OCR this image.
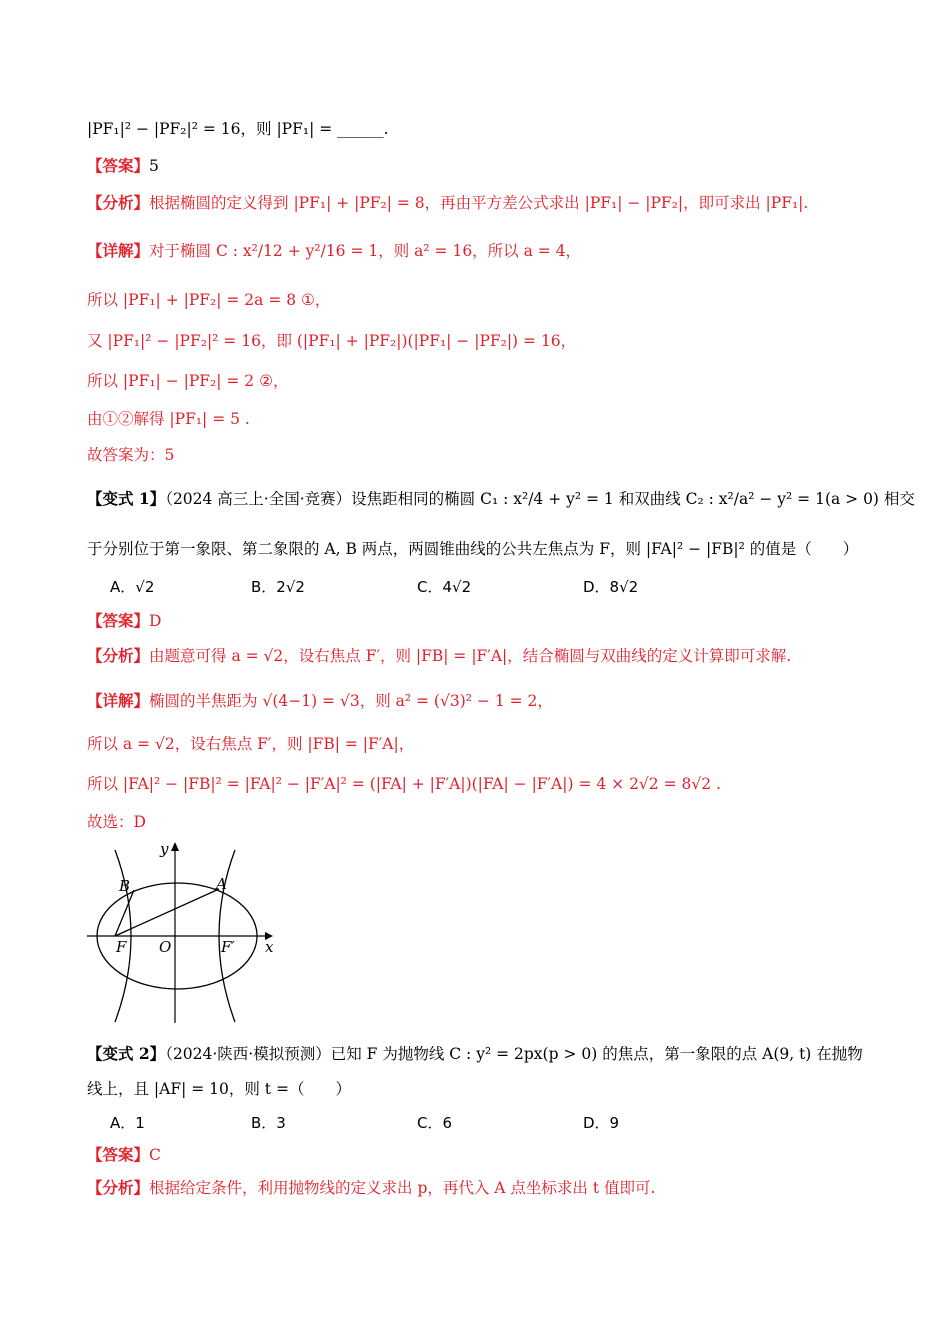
|PF₁|² − |PF₂|² = 16，则 |PF₁| = ______.
【答案】5
【分析】根据椭圆的定义得到 |PF₁| + |PF₂| = 8，再由平方差公式求出 |PF₁| − |PF₂|，即可求出 |PF₁|.
【详解】对于椭圆 C : x²/12 + y²/16 = 1，则 a² = 16，所以 a = 4，
所以 |PF₁| + |PF₂| = 2a = 8 ①，
又 |PF₁|² − |PF₂|² = 16，即 (|PF₁| + |PF₂|)(|PF₁| − |PF₂|) = 16，
所以 |PF₁| − |PF₂| = 2 ②，
由①②解得 |PF₁| = 5 .
故答案为：5
【变式 1】（2024 高三上·全国·竞赛）设焦距相同的椭圆 C₁ : x²/4 + y² = 1 和双曲线 C₂ : x²/a² − y² = 1(a > 0) 相交
于分别位于第一象限、第二象限的 A, B 两点，两圆锥曲线的公共左焦点为 F，则 |FA|² − |FB|² 的值是（　　）
A．√2	B．2√2	C．4√2	D．8√2
【答案】D
【分析】由题意可得 a = √2，设右焦点 F′，则 |FB| = |F′A|，结合椭圆与双曲线的定义计算即可求解.
【详解】椭圆的半焦距为 √(4−1) = √3，则 a² = (√3)² − 1 = 2，
所以 a = √2，设右焦点 F′，则 |FB| = |F′A|，
所以 |FA|² − |FB|² = |FA|² − |F′A|² = (|FA| + |F′A|)(|FA| − |F′A|) = 4 × 2√2 = 8√2 .
故选：D
y
B	A
F O	F′ x
【变式 2】（2024·陕西·模拟预测）已知 F 为抛物线 C : y² = 2px(p > 0) 的焦点，第一象限的点 A(9, t) 在抛物
线上，且 |AF| = 10，则 t =（　　）
A．1	B．3	C．6	D．9
【答案】C
【分析】根据给定条件，利用抛物线的定义求出 p，再代入 A 点坐标求出 t 值即可.
